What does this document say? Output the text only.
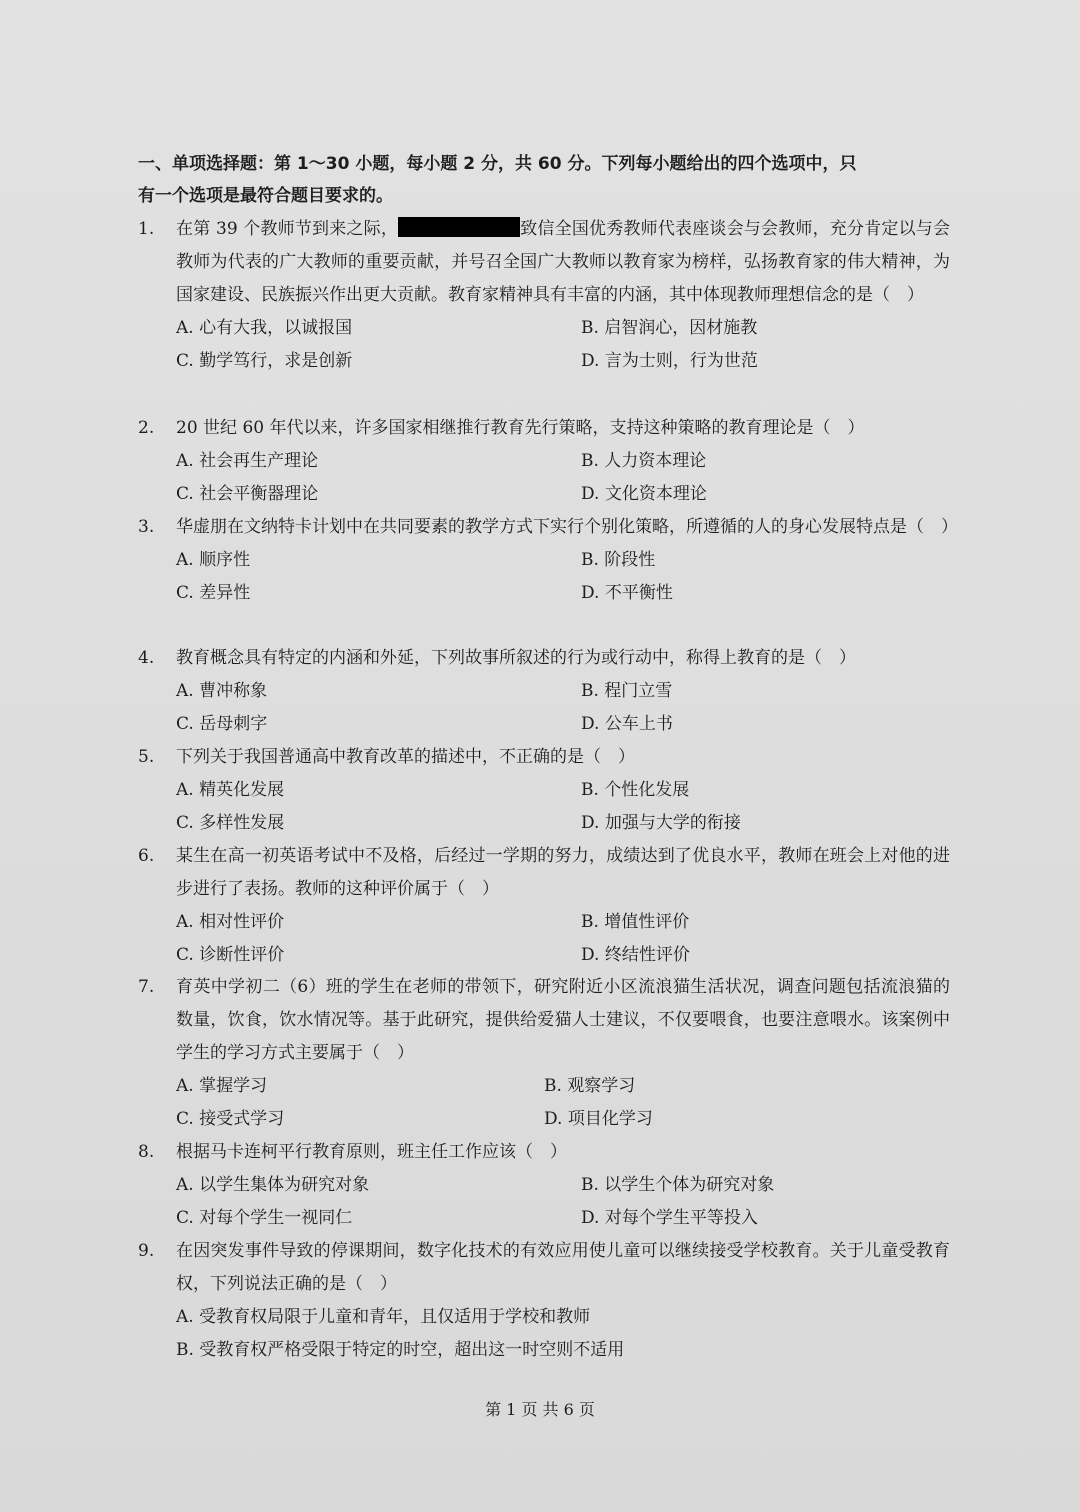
一、单项选择题：第 1～30 小题，每小题 2 分，共 60 分。下列每小题给出的四个选项中，只
有一个选项是最符合题目要求的。
1.	在第 39 个教师节到来之际，	致信全国优秀教师代表座谈会与会教师，充分肯定以与会教师为代表的广大教师的重要贡献，并号召全国广大教师以教育家为榜样，弘扬教育家的伟大精神，为国家建设、民族振兴作出更大贡献。教育家精神具有丰富的内涵，其中体现教师理想信念的是（　）
A. 心有大我，以诚报国	B. 启智润心，因材施教
C. 勤学笃行，求是创新	D. 言为士则，行为世范
2.	20 世纪 60 年代以来，许多国家相继推行教育先行策略，支持这种策略的教育理论是（　）
A. 社会再生产理论	B. 人力资本理论
C. 社会平衡器理论	D. 文化资本理论
3.	华虚朋在文纳特卡计划中在共同要素的教学方式下实行个别化策略，所遵循的人的身心发展特点是（　）
A. 顺序性	B. 阶段性
C. 差异性	D. 不平衡性
4.	教育概念具有特定的内涵和外延，下列故事所叙述的行为或行动中，称得上教育的是（　）
A. 曹冲称象	B. 程门立雪
C. 岳母刺字	D. 公车上书
5.	下列关于我国普通高中教育改革的描述中，不正确的是（　）
A. 精英化发展	B. 个性化发展
C. 多样性发展	D. 加强与大学的衔接
6.	某生在高一初英语考试中不及格，后经过一学期的努力，成绩达到了优良水平，教师在班会上对他的进步进行了表扬。教师的这种评价属于（　）
A. 相对性评价	B. 增值性评价
C. 诊断性评价	D. 终结性评价
7.	育英中学初二（6）班的学生在老师的带领下，研究附近小区流浪猫生活状况，调查问题包括流浪猫的数量，饮食，饮水情况等。基于此研究，提供给爱猫人士建议，不仅要喂食，也要注意喂水。该案例中学生的学习方式主要属于（　）
A. 掌握学习	B. 观察学习
C. 接受式学习	D. 项目化学习
8.	根据马卡连柯平行教育原则，班主任工作应该（　）
A. 以学生集体为研究对象	B. 以学生个体为研究对象
C. 对每个学生一视同仁	D. 对每个学生平等投入
9.	在因突发事件导致的停课期间，数字化技术的有效应用使儿童可以继续接受学校教育。关于儿童受教育权，下列说法正确的是（　）
A. 受教育权局限于儿童和青年，且仅适用于学校和教师
B. 受教育权严格受限于特定的时空，超出这一时空则不适用
第 1 页 共 6 页
